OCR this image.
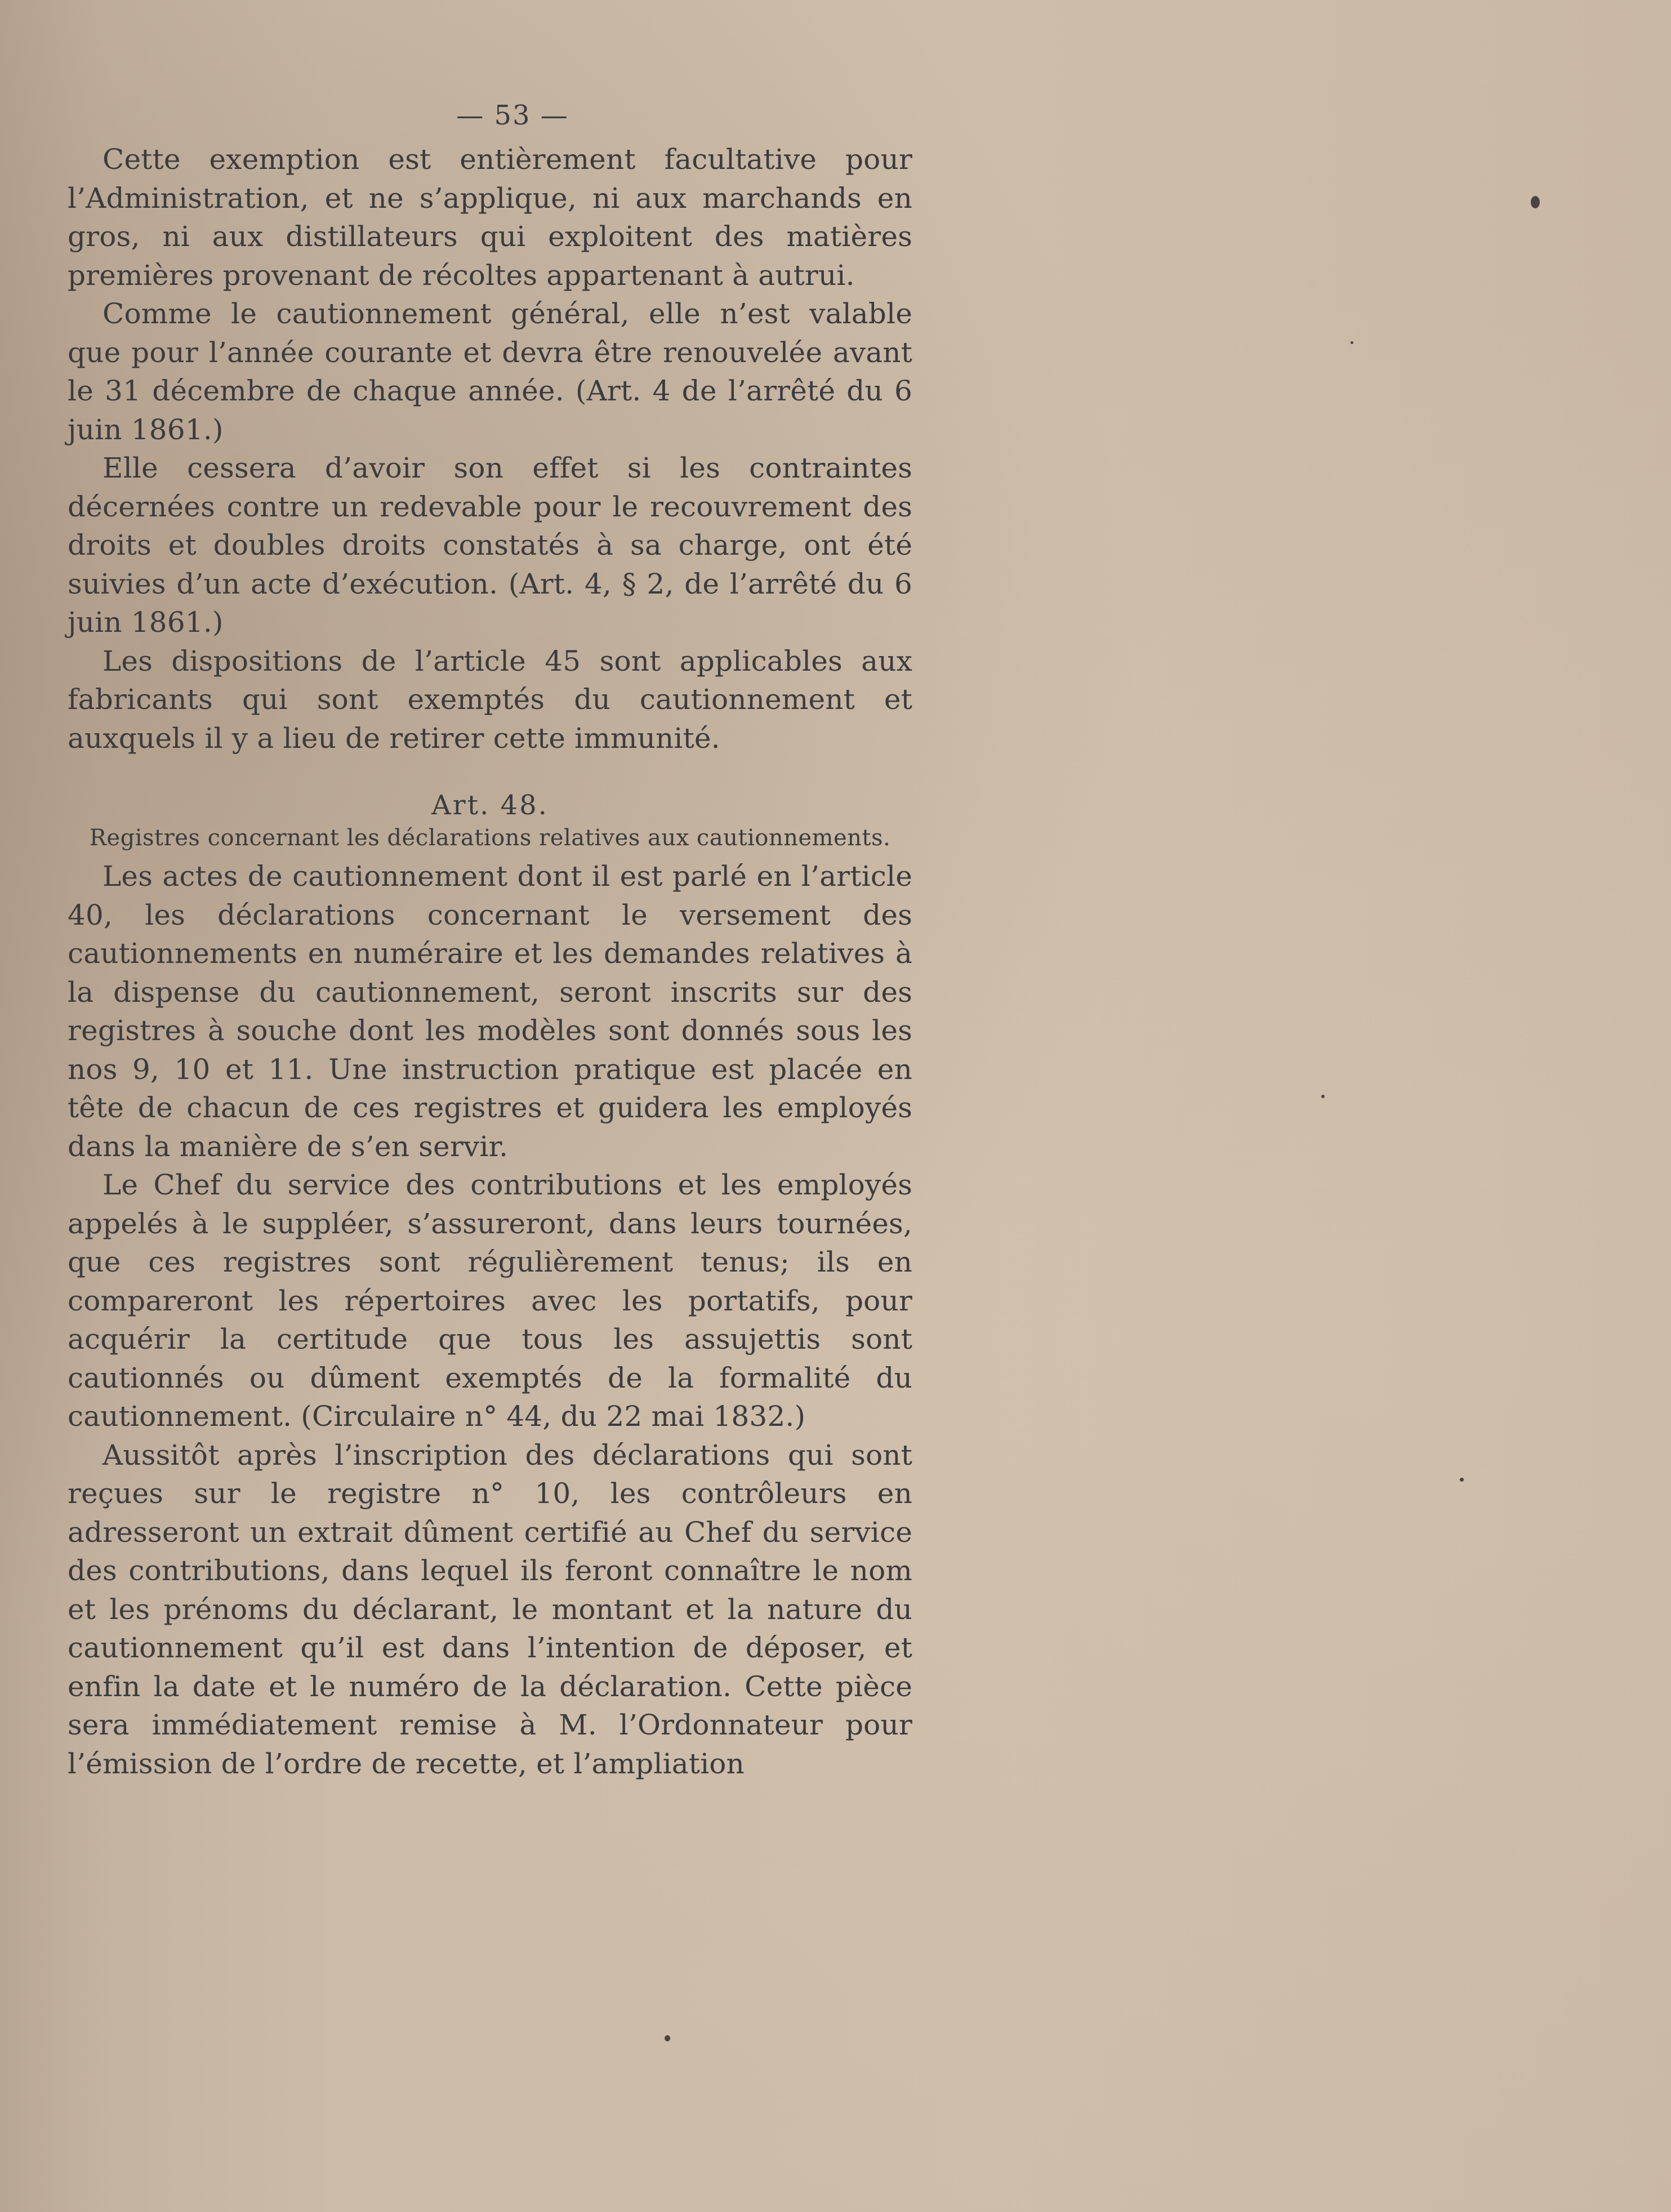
— 53 —

Cette exemption est entièrement facultative pour l’Administration, et ne s’applique, ni aux marchands en gros, ni aux distillateurs qui exploitent des matières premières provenant de récoltes appartenant à autrui.

Comme le cautionnement général, elle n’est valable que pour l’année courante et devra être renouvelée avant le 31 décembre de chaque année. (Art. 4 de l’arrêté du 6 juin 1861.)

Elle cessera d’avoir son effet si les contraintes décernées contre un redevable pour le recouvrement des droits et doubles droits constatés à sa charge, ont été suivies d’un acte d’exécution. (Art. 4, § 2, de l’arrêté du 6 juin 1861.)

Les dispositions de l’article 45 sont applicables aux fabricants qui sont exemptés du cautionnement et auxquels il y a lieu de retirer cette immunité.

Art. 48.
Registres concernant les déclarations relatives aux cautionnements.

Les actes de cautionnement dont il est parlé en l’article 40, les déclarations concernant le versement des cautionnements en numéraire et les demandes relatives à la dispense du cautionnement, seront inscrits sur des registres à souche dont les modèles sont donnés sous les nos 9, 10 et 11. Une instruction pratique est placée en tête de chacun de ces registres et guidera les employés dans la manière de s’en servir.

Le Chef du service des contributions et les employés appelés à le suppléer, s’assureront, dans leurs tournées, que ces registres sont régulièrement tenus; ils en compareront les répertoires avec les portatifs, pour acquérir la certitude que tous les assujettis sont cautionnés ou dûment exemptés de la formalité du cautionnement. (Circulaire n° 44, du 22 mai 1832.)

Aussitôt après l’inscription des déclarations qui sont reçues sur le registre n° 10, les contrôleurs en adresseront un extrait dûment certifié au Chef du service des contributions, dans lequel ils feront connaître le nom et les prénoms du déclarant, le montant et la nature du cautionnement qu’il est dans l’intention de déposer, et enfin la date et le numéro de la déclaration. Cette pièce sera immédiatement remise à M. l’Ordonnateur pour l’émission de l’ordre de recette, et l’ampliation
